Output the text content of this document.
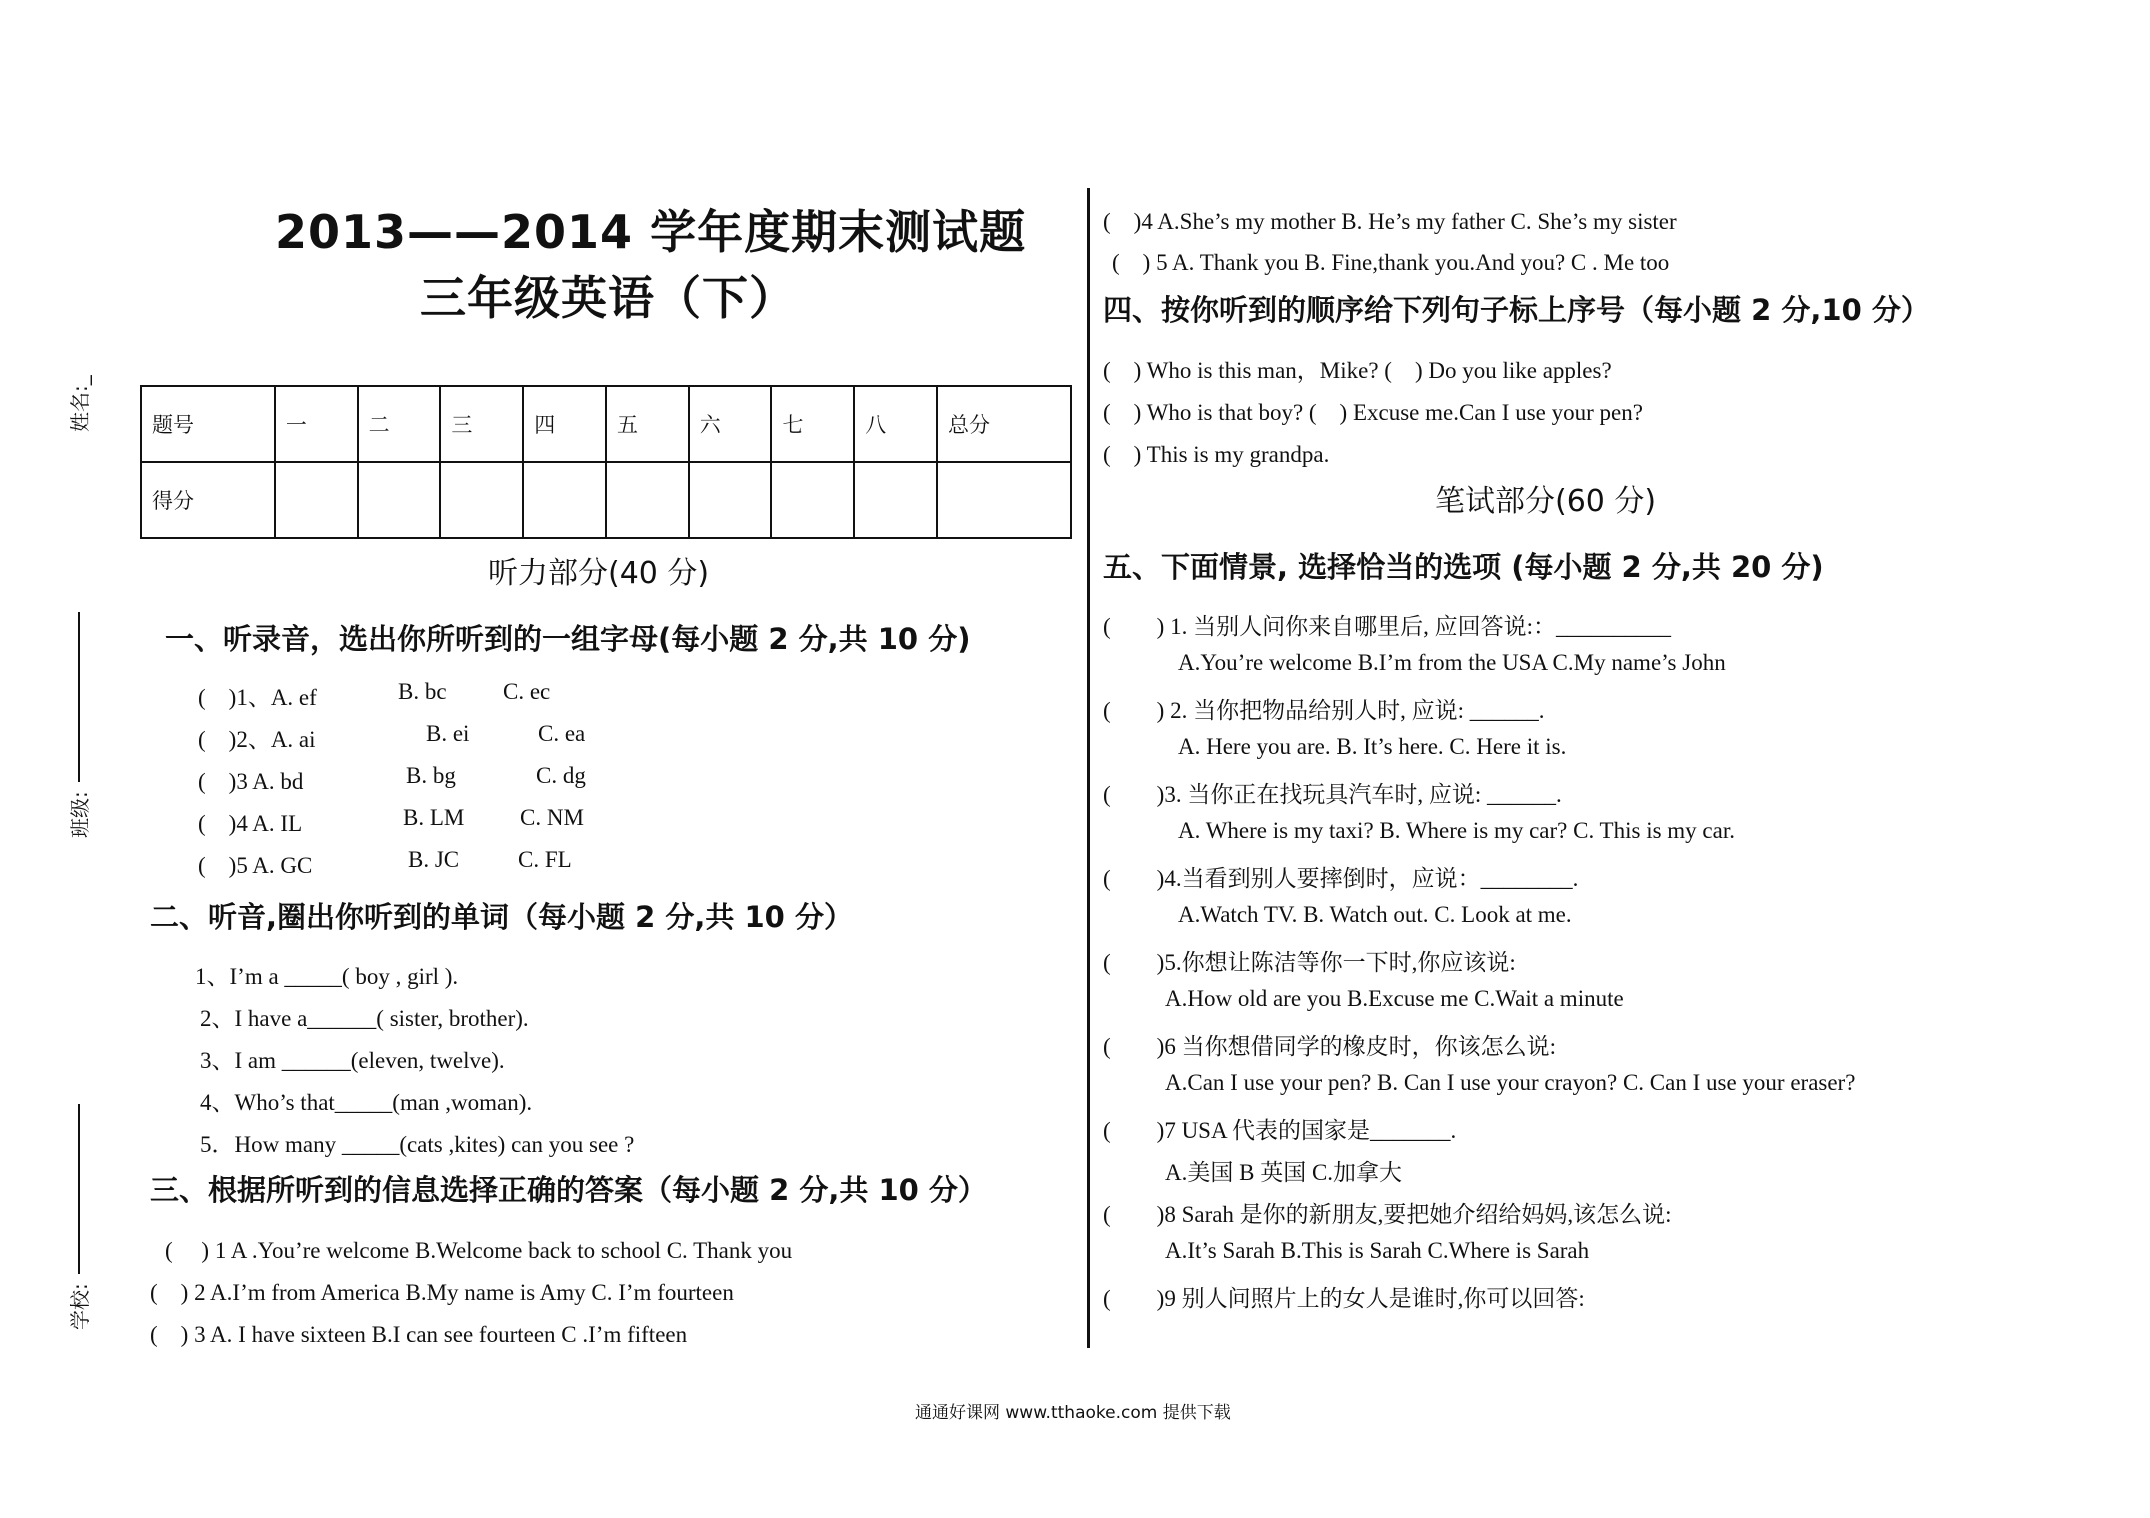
姓名:_
班级:
学校:
2013——2014 学年度期末测试题
三年级英语（下）
题号	一	二	三	四	五	六	七	八	总分
得分									
听力部分(40 分)
一、听录音，选出你所听到的一组字母(每小题 2 分,共 10 分)
(　)1、A. ef	B. bc C. ec
(　)2、A. ai	B. ei	C. ea
(　)3 A. bd	B. bg	C. dg
(　)4 A. IL	B. LM C. NM
(　)5 A. GC	B. JC	C. FL
二、听音,圈出你听到的单词（每小题 2 分,共 10 分）
1、I’m a _____( boy , girl ).
2、I have a______( sister, brother).
3、I am ______(eleven, twelve).
4、Who’s that_____(man ,woman).
5．How many _____(cats ,kites) can you see ?
三、根据所听到的信息选择正确的答案（每小题 2 分,共 10 分）
(　 ) 1 A .You’re welcome B.Welcome back to school C. Thank you
(　) 2 A.I’m from America B.My name is Amy C. I’m fourteen
(　) 3 A. I have sixteen B.I can see fourteen C .I’m fifteen
(　)4 A.She’s my mother B. He’s my father C. She’s my sister
(　) 5 A. Thank you B. Fine,thank you.And you? C . Me too
四、按你听到的顺序给下列句子标上序号（每小题 2 分,10 分）
(　) Who is this man，Mike? (　) Do you like apples?
(　) Who is that boy? (　) Excuse me.Can I use your pen?
(　) This is my grandpa.
笔试部分(60 分)
五、下面情景, 选择恰当的选项 (每小题 2 分,共 20 分)
(　　) 1. 当别人问你来自哪里后, 应回答说:：__________
A.You’re welcome B.I’m from the USA C.My name’s John
(　　) 2. 当你把物品给别人时, 应说: ______.
A. Here you are. B. It’s here. C. Here it is.
(　　)3. 当你正在找玩具汽车时, 应说: ______.
A. Where is my taxi? B. Where is my car? C. This is my car.
(　　)4.当看到别人要摔倒时，应说：________.
A.Watch TV. B. Watch out. C. Look at me.
(　　)5.你想让陈洁等你一下时,你应该说:
A.How old are you B.Excuse me C.Wait a minute
(　　)6 当你想借同学的橡皮时，你该怎么说:
A.Can I use your pen? B. Can I use your crayon? C. Can I use your eraser?
(　　)7 USA 代表的国家是_______.
A.美国 B 英国 C.加拿大
(　　)8 Sarah 是你的新朋友,要把她介绍给妈妈,该怎么说:
A.It’s Sarah B.This is Sarah C.Where is Sarah
(　　)9 别人问照片上的女人是谁时,你可以回答:
通通好课网 www.tthaoke.com 提供下载
